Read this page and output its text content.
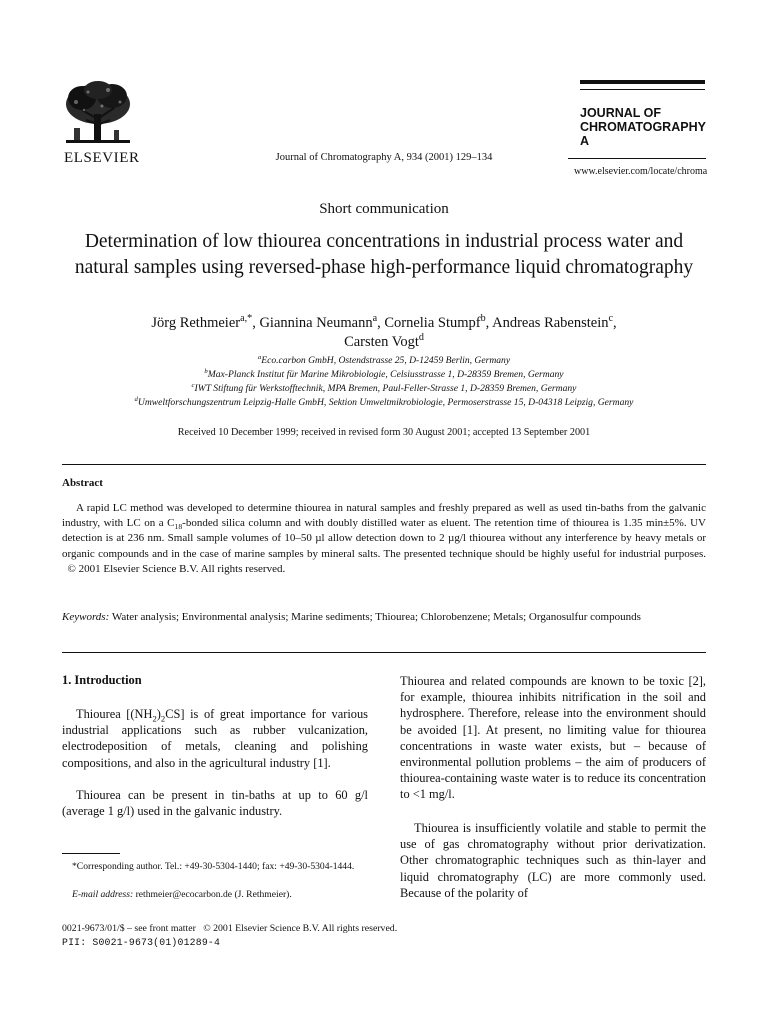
ELSEVIER	Journal of Chromatography A, 934 (2001) 129–134
JOURNAL OF
CHROMATOGRAPHY A
www.elsevier.com/locate/chroma
Short communication
Determination of low thiourea concentrations in industrial process water and natural samples using reversed-phase high-performance liquid chromatography
Jörg Rethmeier$^{a,*}$, Giannina Neumann$^a$, Cornelia Stumpf$^b$, Andreas Rabenstein$^c$,
Carsten Vogt$^d$
$^a$Eco.carbon GmbH, Ostendstrasse 25, D-12459 Berlin, Germany
$^b$Max-Planck Institut für Marine Mikrobiologie, Celsiusstrasse 1, D-28359 Bremen, Germany
$^c$IWT Stiftung für Werkstofftechnik, MPA Bremen, Paul-Feller-Strasse 1, D-28359 Bremen, Germany
$^d$Umweltforschungszentrum Leipzig-Halle GmbH, Sektion Umweltmikrobiologie, Permoserstrasse 15, D-04318 Leipzig, Germany
Received 10 December 1999; received in revised form 30 August 2001; accepted 13 September 2001
Abstract

A rapid LC method was developed to determine thiourea in natural samples and freshly prepared as well as used tin-baths from the galvanic industry, with LC on a $C_{18}$-bonded silica column and with doubly distilled water as eluent. The retention time of thiourea is 1.35 min±5%. UV detection is at 236 nm. Small sample volumes of 10–50 µl allow detection down to 2 µg/l thiourea without any interference by heavy metals or organic compounds and in the case of marine samples by mineral salts. The presented technique should be highly useful for industrial purposes.   © 2001 Elsevier Science B.V. All rights reserved.

Keywords: Water analysis; Environmental analysis; Marine sediments; Thiourea; Chlorobenzene; Metals; Organosulfur compounds

1. Introduction

Thiourea $[(NH_2)_2CS]$ is of great importance for various industrial applications such as rubber vulcanization, electrodeposition of metals, cleaning and polishing compositions, and also in the agricultural industry [1].

Thiourea can be present in tin-baths at up to 60 g/l (average 1 g/l) used in the galvanic industry.

*Corresponding author. Tel.: +49-30-5304-1440; fax: +49-30-5304-1444.

E-mail address: rethmeier@ecocarbon.de (J. Rethmeier).

Thiourea and related compounds are known to be toxic [2], for example, thiourea inhibits nitrification in the soil and hydrosphere. Therefore, release into the environment should be avoided [1]. At present, no limiting value for thiourea concentrations in waste water exists, but – because of environmental pollution problems – the aim of producers of thiourea-containing waste water is to reduce its concentration to <1 mg/l.

Thiourea is insufficiently volatile and stable to permit the use of gas chromatography without prior derivatization. Other chromatographic techniques such as thin-layer and liquid chromatography (LC) are more commonly used. Because of the polarity of

0021-9673/01/$ – see front matter © 2001 Elsevier Science B.V. All rights reserved.

PII: S0021-9673(01)01289-4
